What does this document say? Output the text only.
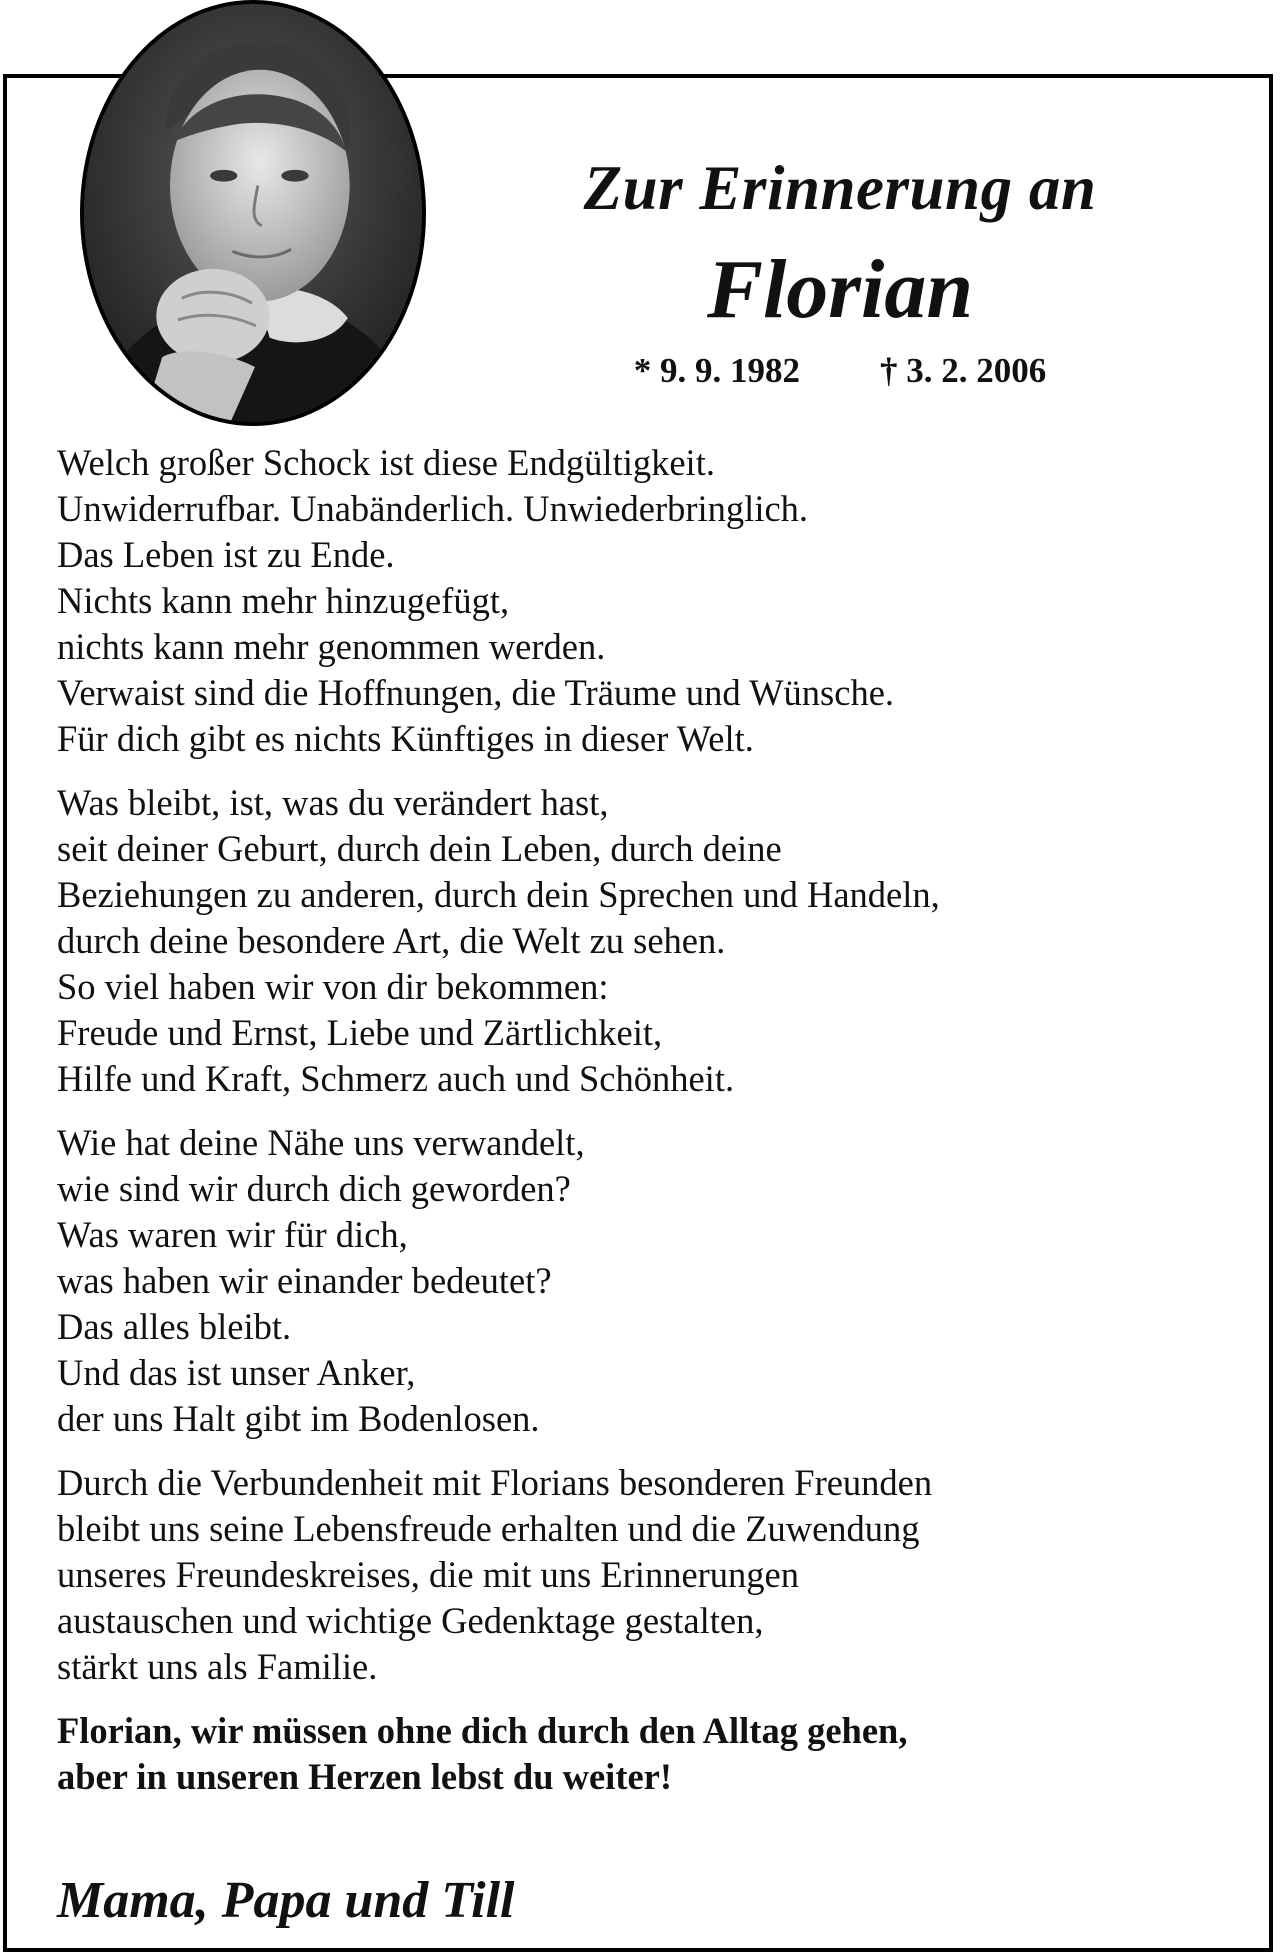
Zur Erinnerung an
Florian
* 9. 9. 1982 † 3. 2. 2006
Welch großer Schock ist diese Endgültigkeit.
Unwiderrufbar. Unabänderlich. Unwiederbringlich.
Das Leben ist zu Ende.
Nichts kann mehr hinzugefügt,
nichts kann mehr genommen werden.
Verwaist sind die Hoffnungen, die Träume und Wünsche.
Für dich gibt es nichts Künftiges in dieser Welt.
Was bleibt, ist, was du verändert hast,
seit deiner Geburt, durch dein Leben, durch deine
Beziehungen zu anderen, durch dein Sprechen und Handeln,
durch deine besondere Art, die Welt zu sehen.
So viel haben wir von dir bekommen:
Freude und Ernst, Liebe und Zärtlichkeit,
Hilfe und Kraft, Schmerz auch und Schönheit.
Wie hat deine Nähe uns verwandelt,
wie sind wir durch dich geworden?
Was waren wir für dich,
was haben wir einander bedeutet?
Das alles bleibt.
Und das ist unser Anker,
der uns Halt gibt im Bodenlosen.
Durch die Verbundenheit mit Florians besonderen Freunden
bleibt uns seine Lebensfreude erhalten und die Zuwendung
unseres Freundeskreises, die mit uns Erinnerungen
austauschen und wichtige Gedenktage gestalten,
stärkt uns als Familie.
Florian, wir müssen ohne dich durch den Alltag gehen,
aber in unseren Herzen lebst du weiter!
Mama, Papa und Till
